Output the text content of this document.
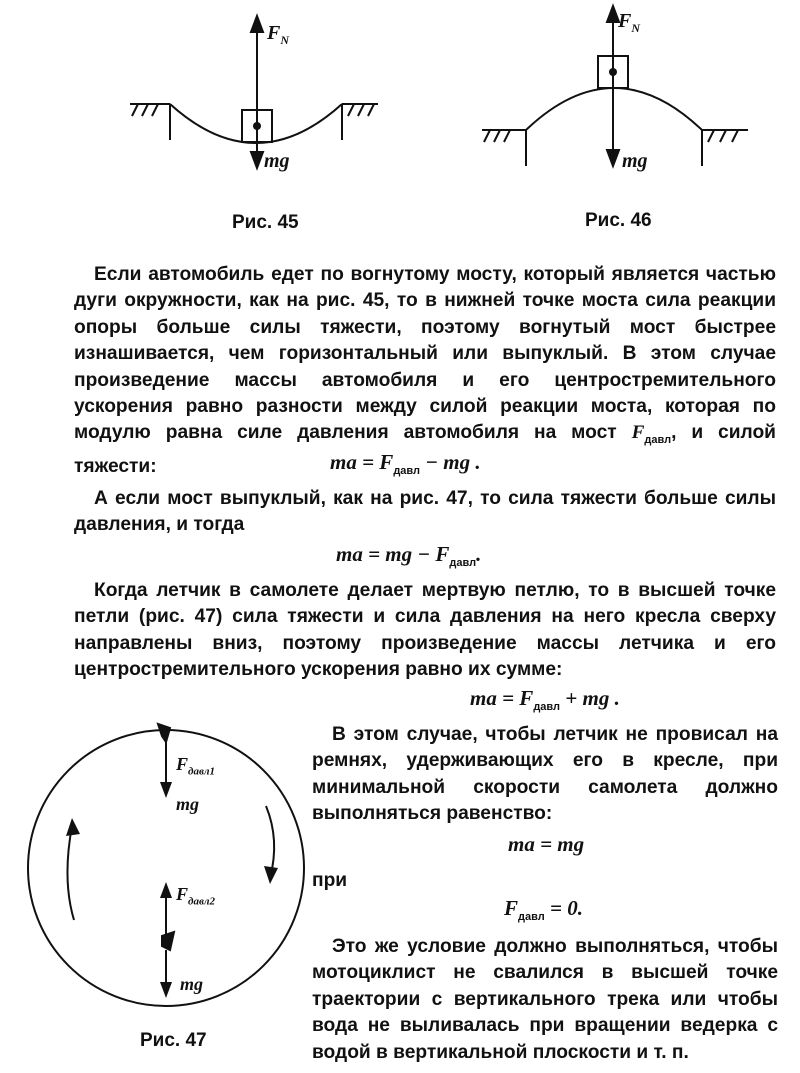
$F_N$
mg
Рис. 45
$F_N$
mg
Рис. 46

Если автомобиль едет по вогнутому мосту, который является частью дуги окружности, как на рис. 45, то в нижней точке моста сила реакции опоры больше силы тяжести, поэтому вогнутый мост быстрее изнашивается, чем горизонтальный или выпуклый. В этом случае произведение массы автомобиля и его центростремительного ускорения равно разности между силой реакции моста, которая по модулю равна силе давления автомобиля на мост $F_{давл}$, и силой тяжести:	ma = $F_{давл}$ − mg .

А если мост выпуклый, как на рис. 47, то сила тяжести больше силы давления, и тогда

ma = mg − $F_{давл}$.

Когда летчик в самолете делает мертвую петлю, то в высшей точке петли (рис. 47) сила тяжести и сила давления на него кресла сверху направлены вниз, поэтому произведение массы летчика и его центростремительного ускорения равно их сумме:

ma = $F_{давл}$ + mg .
$F_{давл1}$
mg
$F_{давл2}$
mg
Рис. 47

В этом случае, чтобы летчик не провисал на ремнях, удерживающих его в кресле, при минимальной скорости самолета должно выполняться равенство:

ma = mg

при

$F_{давл} = 0$.

Это же условие должно выполняться, чтобы мотоциклист не свалился в высшей точке траектории с вертикального трека или чтобы вода не выливалась при вращении ведерка с водой в вертикальной плоскости и т. п.
